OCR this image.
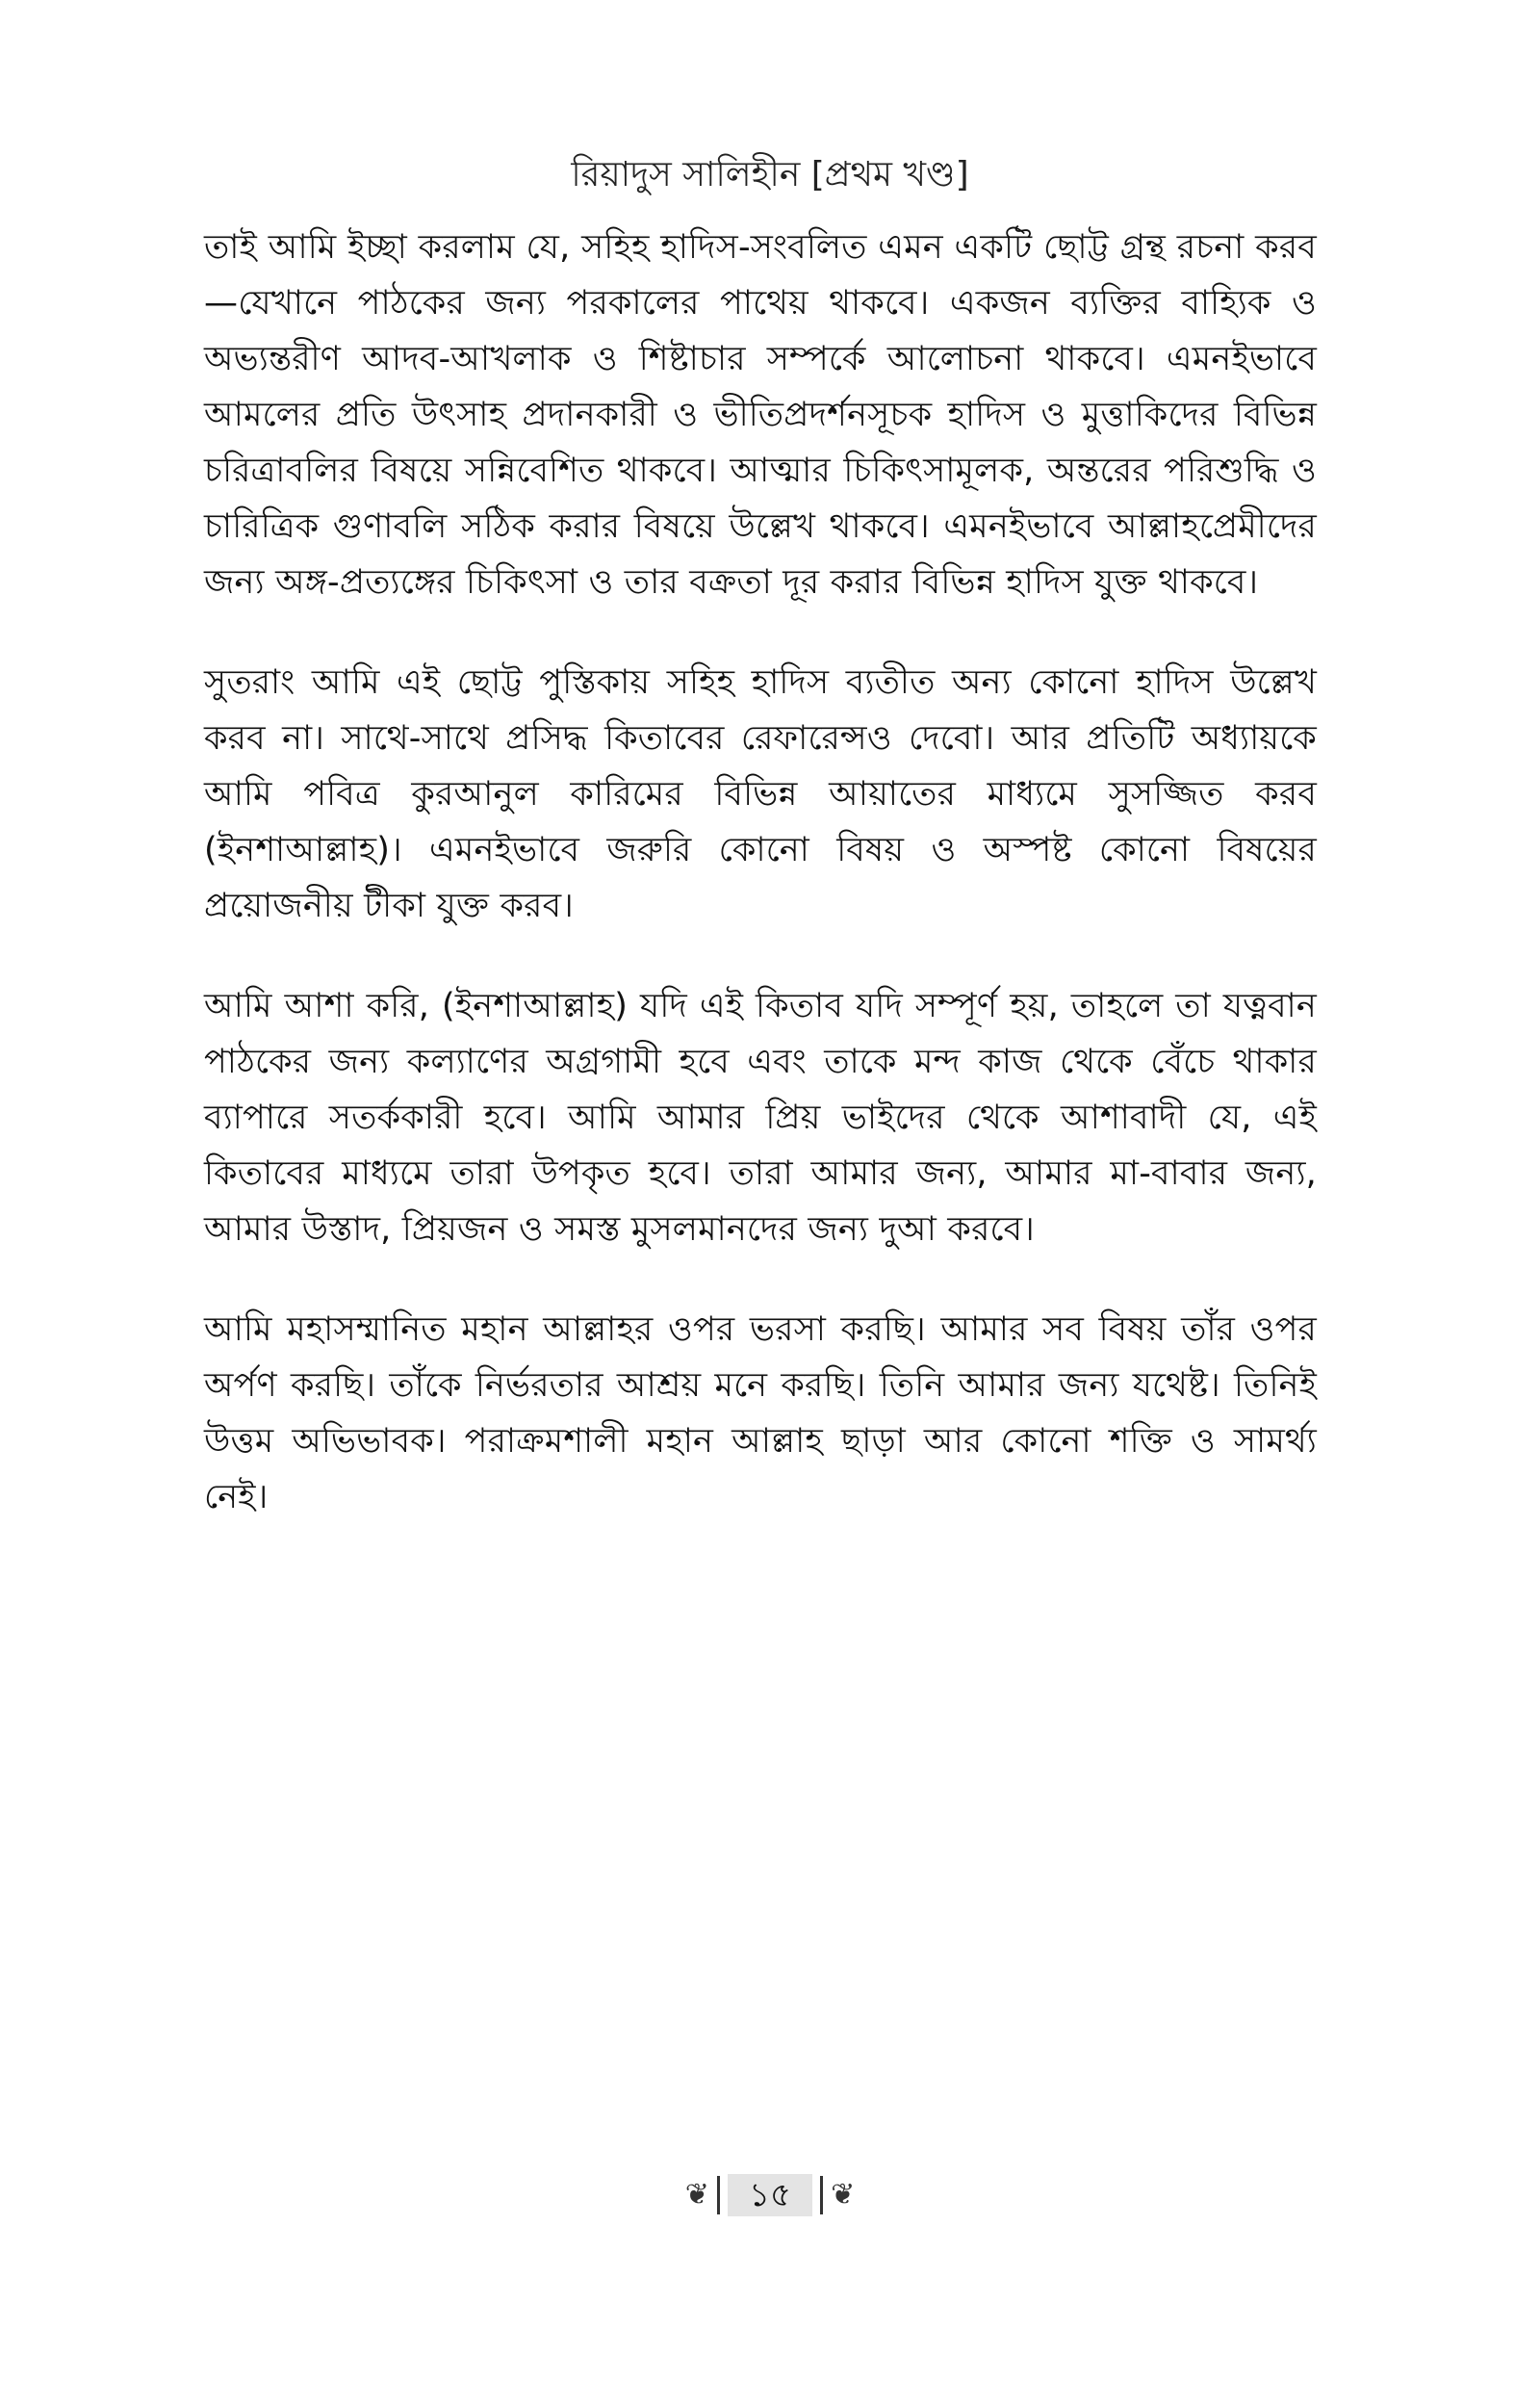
রিয়াদুস সালিহীন [প্রথম খণ্ড]

তাই আমি ইচ্ছা করলাম যে, সহিহ হাদিস-সংবলিত এমন একটি ছোট্ট গ্রন্থ রচনা করব—যেখানে পাঠকের জন্য পরকালের পাথেয় থাকবে। একজন ব্যক্তির বাহ্যিক ও অভ্যন্তরীণ আদব-আখলাক ও শিষ্টাচার সম্পর্কে আলোচনা থাকবে। এমনইভাবে আমলের প্রতি উৎসাহ প্রদানকারী ও ভীতিপ্রদর্শনসূচক হাদিস ও মুত্তাকিদের বিভিন্ন চরিত্রাবলির বিষয়ে সন্নিবেশিত থাকবে। আত্মার চিকিৎসামূলক, অন্তরের পরিশুদ্ধি ও চারিত্রিক গুণাবলি সঠিক করার বিষয়ে উল্লেখ থাকবে। এমনইভাবে আল্লাহপ্রেমীদের জন্য অঙ্গ-প্রত্যঙ্গের চিকিৎসা ও তার বক্রতা দূর করার বিভিন্ন হাদিস যুক্ত থাকবে।

সুতরাং আমি এই ছোট্ট পুস্তিকায় সহিহ হাদিস ব্যতীত অন্য কোনো হাদিস উল্লেখ করব না। সাথে-সাথে প্রসিদ্ধ কিতাবের রেফারেন্সও দেবো। আর প্রতিটি অধ্যায়কে আমি পবিত্র কুরআনুল কারিমের বিভিন্ন আয়াতের মাধ্যমে সুসজ্জিত করব (ইনশাআল্লাহ)। এমনইভাবে জরুরি কোনো বিষয় ও অস্পষ্ট কোনো বিষয়ের প্রয়োজনীয় টীকা যুক্ত করব।

আমি আশা করি, (ইনশাআল্লাহ) যদি এই কিতাব যদি সম্পূর্ণ হয়, তাহলে তা যত্নবান পাঠকের জন্য কল্যাণের অগ্রগামী হবে এবং তাকে মন্দ কাজ থেকে বেঁচে থাকার ব্যাপারে সতর্ককারী হবে। আমি আমার প্রিয় ভাইদের থেকে আশাবাদী যে, এই কিতাবের মাধ্যমে তারা উপকৃত হবে। তারা আমার জন্য, আমার মা-বাবার জন্য, আমার উস্তাদ, প্রিয়জন ও সমস্ত মুসলমানদের জন্য দুআ করবে।

আমি মহাসম্মানিত মহান আল্লাহর ওপর ভরসা করছি। আমার সব বিষয় তাঁর ওপর অর্পণ করছি। তাঁকে নির্ভরতার আশ্রয় মনে করছি। তিনি আমার জন্য যথেষ্ট। তিনিই উত্তম অভিভাবক। পরাক্রমশালী মহান আল্লাহ ছাড়া আর কোনো শক্তি ও সামর্থ্য নেই।

❦	১৫	❦
